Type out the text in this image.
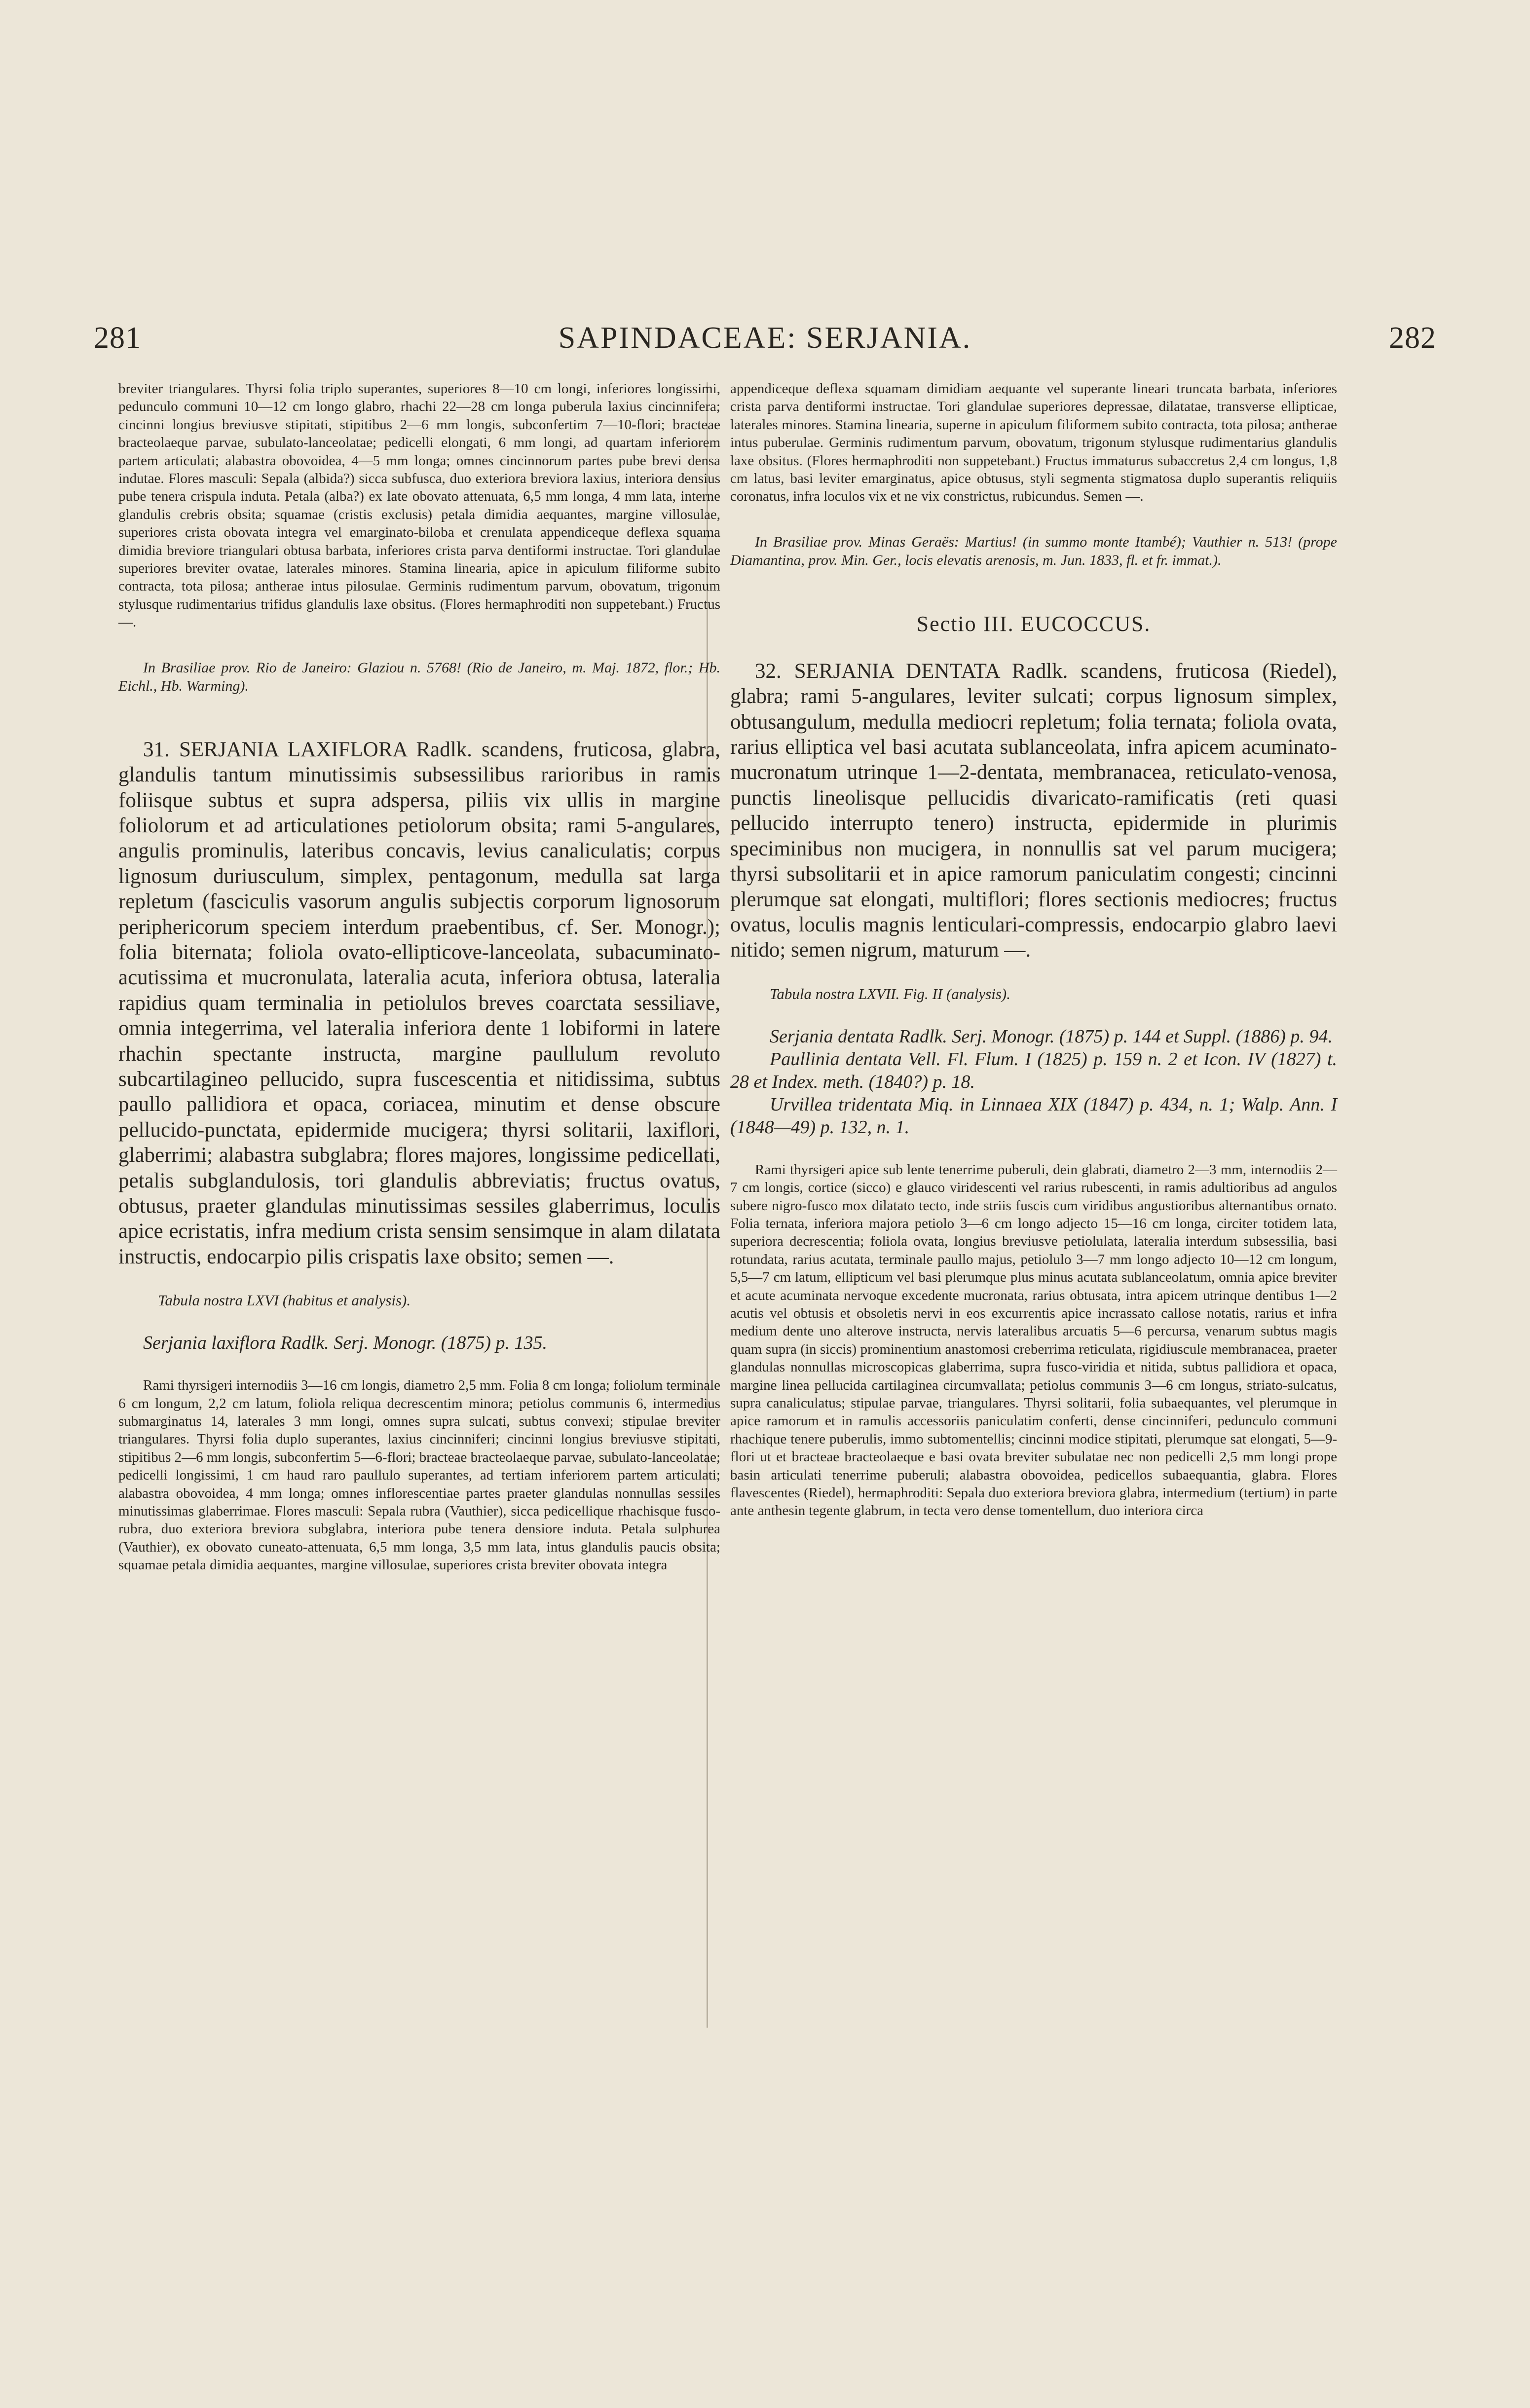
281	SAPINDACEAE: SERJANIA.	282

breviter triangulares. Thyrsi folia triplo superantes, superiores 8—10 cm longi, inferiores longissimi, pedunculo communi 10—12 cm longo glabro, rhachi 22—28 cm longa puberula laxius cincinnifera; cincinni longius breviusve stipitati, stipitibus 2—6 mm longis, subconfertim 7—10-flori; bracteae bracteolaeque parvae, subulato-lanceolatae; pedicelli elongati, 6 mm longi, ad quartam inferiorem partem articulati; alabastra obovoidea, 4—5 mm longa; omnes cincinnorum partes pube brevi densa indutae. Flores masculi: Sepala (albida?) sicca subfusca, duo exteriora breviora laxius, interiora densius pube tenera crispula induta. Petala (alba?) ex late obovato attenuata, 6,5 mm longa, 4 mm lata, interne glandulis crebris obsita; squamae (cristis exclusis) petala dimidia aequantes, margine villosulae, superiores crista obovata integra vel emarginato-biloba et crenulata appendiceque deflexa squama dimidia breviore triangulari obtusa barbata, inferiores crista parva dentiformi instructae. Tori glandulae superiores breviter ovatae, laterales minores. Stamina linearia, apice in apiculum filiforme subito contracta, tota pilosa; antherae intus pilosulae. Germinis rudimentum parvum, obovatum, trigonum stylusque rudimentarius trifidus glandulis laxe obsitus. (Flores hermaphroditi non suppetebant.) Fructus —.

In Brasiliae prov. Rio de Janeiro: Glaziou n. 5768! (Rio de Janeiro, m. Maj. 1872, flor.; Hb. Eichl., Hb. Warming).

31. SERJANIA LAXIFLORA Radlk. scandens, fruticosa, glabra, glandulis tantum minutissimis subsessilibus rarioribus in ramis foliisque subtus et supra adspersa, piliis vix ullis in margine foliolorum et ad articulationes petiolorum obsita; rami 5-angulares, angulis prominulis, lateribus concavis, levius canaliculatis; corpus lignosum duriusculum, simplex, pentagonum, medulla sat larga repletum (fasciculis vasorum angulis subjectis corporum lignosorum periphericorum speciem interdum praebentibus, cf. Ser. Monogr.); folia biternata; foliola ovato-ellipticove-lanceolata, subacuminato-acutissima et mucronulata, lateralia acuta, inferiora obtusa, lateralia rapidius quam terminalia in petiolulos breves coarctata sessiliave, omnia integerrima, vel lateralia inferiora dente 1 lobiformi in latere rhachin spectante instructa, margine paullulum revoluto subcartilagineo pellucido, supra fuscescentia et nitidissima, subtus paullo pallidiora et opaca, coriacea, minutim et dense obscure pellucido-punctata, epidermide mucigera; thyrsi solitarii, laxiflori, glaberrimi; alabastra subglabra; flores majores, longissime pedicellati, petalis subglandulosis, tori glandulis abbreviatis; fructus ovatus, obtusus, praeter glandulas minutissimas sessiles glaberrimus, loculis apice ecristatis, infra medium crista sensim sensimque in alam dilatata instructis, endocarpio pilis crispatis laxe obsito; semen —.

Tabula nostra LXVI (habitus et analysis).

Serjania laxiflora Radlk. Serj. Monogr. (1875) p. 135.

Rami thyrsigeri internodiis 3—16 cm longis, diametro 2,5 mm. Folia 8 cm longa; foliolum terminale 6 cm longum, 2,2 cm latum, foliola reliqua decrescentim minora; petiolus communis 6, intermedius submarginatus 14, laterales 3 mm longi, omnes supra sulcati, subtus convexi; stipulae breviter triangulares. Thyrsi folia duplo superantes, laxius cincinniferi; cincinni longius breviusve stipitati, stipitibus 2—6 mm longis, subconfertim 5—6-flori; bracteae bracteolaeque parvae, subulato-lanceolatae; pedicelli longissimi, 1 cm haud raro paullulo superantes, ad tertiam inferiorem partem articulati; alabastra obovoidea, 4 mm longa; omnes inflorescentiae partes praeter glandulas nonnullas sessiles minutissimas glaberrimae. Flores masculi: Sepala rubra (Vauthier), sicca pedicellique rhachisque fusco-rubra, duo exteriora breviora subglabra, interiora pube tenera densiore induta. Petala sulphurea (Vauthier), ex obovato cuneato-attenuata, 6,5 mm longa, 3,5 mm lata, intus glandulis paucis obsita; squamae petala dimidia aequantes, margine villosulae, superiores crista breviter obovata integra

appendiceque deflexa squamam dimidiam aequante vel superante lineari truncata barbata, inferiores crista parva dentiformi instructae. Tori glandulae superiores depressae, dilatatae, transverse ellipticae, laterales minores. Stamina linearia, superne in apiculum filiformem subito contracta, tota pilosa; antherae intus puberulae. Germinis rudimentum parvum, obovatum, trigonum stylusque rudimentarius glandulis laxe obsitus. (Flores hermaphroditi non suppetebant.) Fructus immaturus subaccretus 2,4 cm longus, 1,8 cm latus, basi leviter emarginatus, apice obtusus, styli segmenta stigmatosa duplo superantis reliquiis coronatus, infra loculos vix et ne vix constrictus, rubicundus. Semen —.

In Brasiliae prov. Minas Geraës: Martius! (in summo monte Itambé); Vauthier n. 513! (prope Diamantina, prov. Min. Ger., locis elevatis arenosis, m. Jun. 1833, fl. et fr. immat.).

Sectio III. EUCOCCUS.

32. SERJANIA DENTATA Radlk. scandens, fruticosa (Riedel), glabra; rami 5-angulares, leviter sulcati; corpus lignosum simplex, obtusangulum, medulla mediocri repletum; folia ternata; foliola ovata, rarius elliptica vel basi acutata sublanceolata, infra apicem acuminato-mucronatum utrinque 1—2-dentata, membranacea, reticulato-venosa, punctis lineolisque pellucidis divaricato-ramificatis (reti quasi pellucido interrupto tenero) instructa, epidermide in plurimis speciminibus non mucigera, in nonnullis sat vel parum mucigera; thyrsi subsolitarii et in apice ramorum paniculatim congesti; cincinni plerumque sat elongati, multiflori; flores sectionis mediocres; fructus ovatus, loculis magnis lenticulari-compressis, endocarpio glabro laevi nitido; semen nigrum, maturum —.

Tabula nostra LXVII. Fig. II (analysis).

Serjania dentata Radlk. Serj. Monogr. (1875) p. 144 et Suppl. (1886) p. 94.

Paullinia dentata Vell. Fl. Flum. I (1825) p. 159 n. 2 et Icon. IV (1827) t. 28 et Index. meth. (1840?) p. 18.

Urvillea tridentata Miq. in Linnaea XIX (1847) p. 434, n. 1; Walp. Ann. I (1848—49) p. 132, n. 1.

Rami thyrsigeri apice sub lente tenerrime puberuli, dein glabrati, diametro 2—3 mm, internodiis 2—7 cm longis, cortice (sicco) e glauco viridescenti vel rarius rubescenti, in ramis adultioribus ad angulos subere nigro-fusco mox dilatato tecto, inde striis fuscis cum viridibus angustioribus alternantibus ornato. Folia ternata, inferiora majora petiolo 3—6 cm longo adjecto 15—16 cm longa, circiter totidem lata, superiora decrescentia; foliola ovata, longius breviusve petiolulata, lateralia interdum subsessilia, basi rotundata, rarius acutata, terminale paullo majus, petiolulo 3—7 mm longo adjecto 10—12 cm longum, 5,5—7 cm latum, ellipticum vel basi plerumque plus minus acutata sublanceolatum, omnia apice breviter et acute acuminata nervoque excedente mucronata, rarius obtusata, intra apicem utrinque dentibus 1—2 acutis vel obtusis et obsoletis nervi in eos excurrentis apice incrassato callose notatis, rarius et infra medium dente uno alterove instructa, nervis lateralibus arcuatis 5—6 percursa, venarum subtus magis quam supra (in siccis) prominentium anastomosi creberrima reticulata, rigidiuscule membranacea, praeter glandulas nonnullas microscopicas glaberrima, supra fusco-viridia et nitida, subtus pallidiora et opaca, margine linea pellucida cartilaginea circumvallata; petiolus communis 3—6 cm longus, striato-sulcatus, supra canaliculatus; stipulae parvae, triangulares. Thyrsi solitarii, folia subaequantes, vel plerumque in apice ramorum et in ramulis accessoriis paniculatim conferti, dense cincinniferi, pedunculo communi rhachique tenere puberulis, immo subtomentellis; cincinni modice stipitati, plerumque sat elongati, 5—9-flori ut et bracteae bracteolaeque e basi ovata breviter subulatae nec non pedicelli 2,5 mm longi prope basin articulati tenerrime puberuli; alabastra obovoidea, pedicellos subaequantia, glabra. Flores flavescentes (Riedel), hermaphroditi: Sepala duo exteriora breviora glabra, intermedium (tertium) in parte ante anthesin tegente glabrum, in tecta vero dense tomentellum, duo interiora circa
